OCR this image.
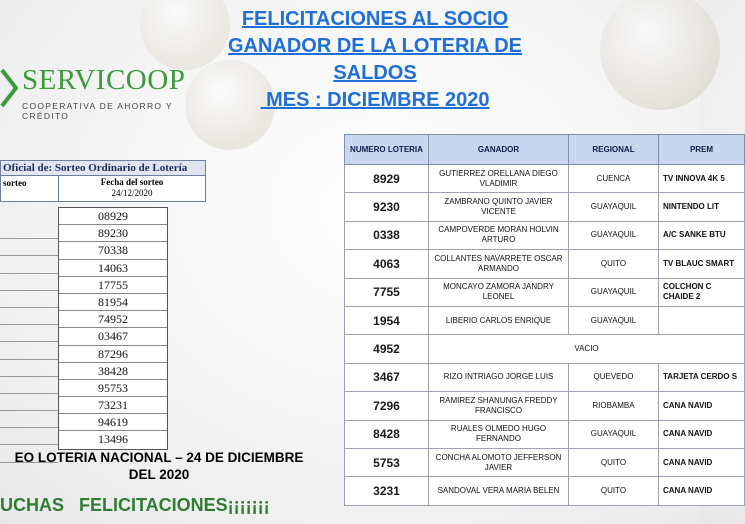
FELICITACIONES AL SOCIO
GANADOR DE LA LOTERIA DE
SALDOS
MES : DICIEMBRE 2020
SERVICOOP
COOPERATIVA DE AHORRO Y CRÉDITO
Oficial de: Sorteo Ordinario de Lotería
sorteo	Fecha del sorteo
24/12/2020
08929
89230
70338
14063
17755
81954
74952
03467
87296
38428
95753
73231
94619
13496
EO LOTERIA NACIONAL – 24 DE DICIEMBRE
DEL 2020
UCHAS   FELICITACIONES¡¡¡¡¡¡¡
NUMERO LOTERIA	GANADOR	REGIONAL	PREM
8929	GUTIERREZ ORELLANA DIEGO VLADIMIR	CUENCA	TV INNOVA 4K 5
9230	ZAMBRANO QUINTO JAVIER VICENTE	GUAYAQUIL	NINTENDO LIT
0338	CAMPOVERDE MORAN HOLVIN ARTURO	GUAYAQUIL	A/C SANKE BTU
4063	COLLANTES NAVARRETE OSCAR ARMANDO	QUITO	TV BLAUC SMART
7755	MONCAYO ZAMORA JANDRY LEONEL	GUAYAQUIL	COLCHON C CHAIDE 2
1954	LIBERIO CARLOS ENRIQUE	GUAYAQUIL	
4952	VACIO		
3467	RIZO INTRIAGO JORGE LUIS	QUEVEDO	TARJETA CERDO S
7296	RAMIREZ SHANUNGA FREDDY FRANCISCO	RIOBAMBA	CANA NAVID
8428	RUALES OLMEDO HUGO FERNANDO	GUAYAQUIL	CANA NAVID
5753	CONCHA ALOMOTO JEFFERSON JAVIER	QUITO	CANA NAVID
3231	SANDOVAL VERA MARIA BELEN	QUITO	CANA NAVID
